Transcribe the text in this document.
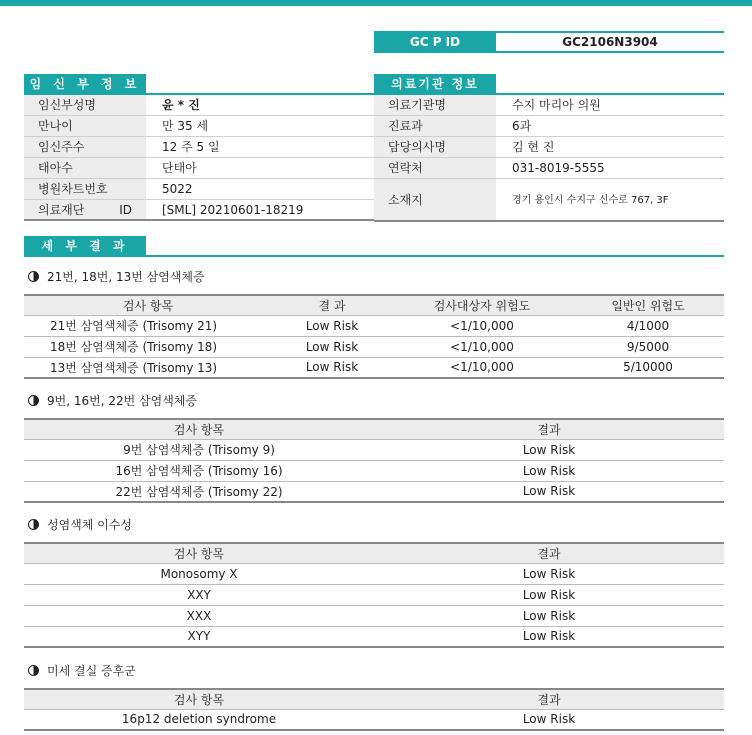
GC P ID	GC2106N3904
임 신 부 정 보
임신부성명	윤 * 진
만나이	만 35 세
임신주수	12 주 5 일
태아수	단태아
병원차트번호	5022
의료재단 ID	[SML] 20210601-18219
의료기관 정보
의료기관명	수지 마리아 의원
진료과	6과
담당의사명	김 현 진
연락처	031-8019-5555
소재지	경기 용인시 수지구 신수로 767, 3F
세 부 결 과
21번, 18번, 13번 삼염색체증
검사 항목	결 과	검사대상자 위험도	일반인 위험도
21번 삼염색체증 (Trisomy 21)	Low Risk	<1/10,000	4/1000
18번 삼염색체증 (Trisomy 18)	Low Risk	<1/10,000	9/5000
13번 삼염색체증 (Trisomy 13)	Low Risk	<1/10,000	5/10000
9번, 16번, 22번 삼염색체증
검사 항목	결과
9번 삼염색체증 (Trisomy 9)	Low Risk
16번 삼염색체증 (Trisomy 16)	Low Risk
22번 삼염색체증 (Trisomy 22)	Low Risk
성염색체 이수성
검사 항목	결과
Monosomy X	Low Risk
XXY	Low Risk
XXX	Low Risk
XYY	Low Risk
미세 결실 증후군
검사 항목	결과
16p12 deletion syndrome	Low Risk
